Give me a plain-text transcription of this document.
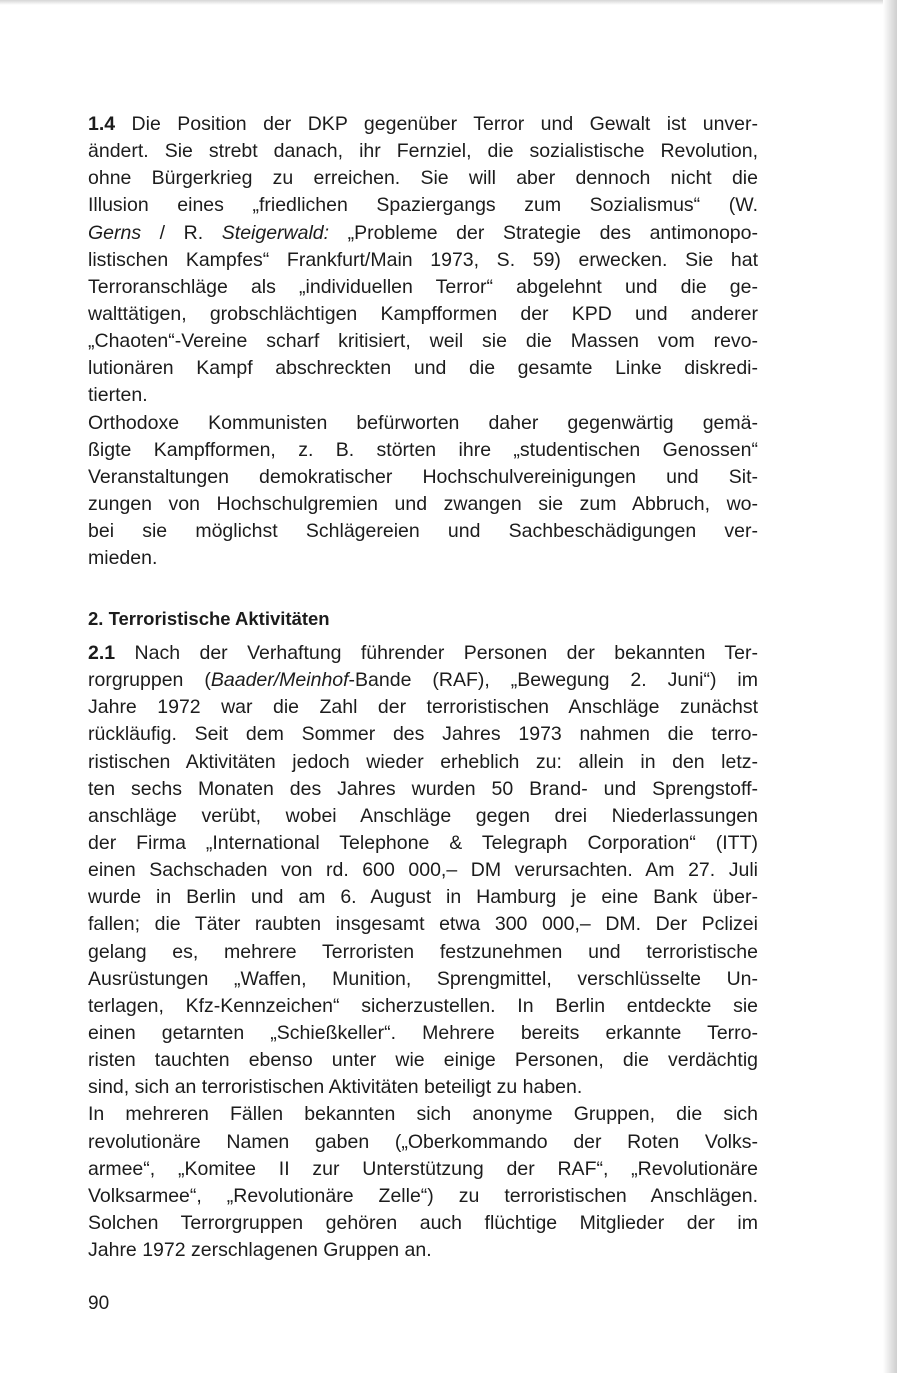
1.4 Die Position der DKP gegenüber Terror und Gewalt ist unver-
ändert. Sie strebt danach, ihr Fernziel, die sozialistische Revolution,
ohne Bürgerkrieg zu erreichen. Sie will aber dennoch nicht die
Illusion eines „friedlichen Spaziergangs zum Sozialismus“ (W.
Gerns / R. Steigerwald: „Probleme der Strategie des antimonopo-
listischen Kampfes“ Frankfurt/Main 1973, S. 59) erwecken. Sie hat
Terroranschläge als „individuellen Terror“ abgelehnt und die ge-
walttätigen, grobschlächtigen Kampfformen der KPD und anderer
„Chaoten“-Vereine scharf kritisiert, weil sie die Massen vom revo-
lutionären Kampf abschreckten und die gesamte Linke diskredi-
tierten.
Orthodoxe Kommunisten befürworten daher gegenwärtig gemä-
ßigte Kampfformen, z. B. störten ihre „studentischen Genossen“
Veranstaltungen demokratischer Hochschulvereinigungen und Sit-
zungen von Hochschulgremien und zwangen sie zum Abbruch, wo-
bei sie möglichst Schlägereien und Sachbeschädigungen ver-
mieden.
2. Terroristische Aktivitäten
2.1 Nach der Verhaftung führender Personen der bekannten Ter-
rorgruppen (Baader/Meinhof-Bande (RAF), „Bewegung 2. Juni“) im
Jahre 1972 war die Zahl der terroristischen Anschläge zunächst
rückläufig. Seit dem Sommer des Jahres 1973 nahmen die terro-
ristischen Aktivitäten jedoch wieder erheblich zu: allein in den letz-
ten sechs Monaten des Jahres wurden 50 Brand- und Sprengstoff-
anschläge verübt, wobei Anschläge gegen drei Niederlassungen
der Firma „International Telephone & Telegraph Corporation“ (ITT)
einen Sachschaden von rd. 600 000,– DM verursachten. Am 27. Juli
wurde in Berlin und am 6. August in Hamburg je eine Bank über-
fallen; die Täter raubten insgesamt etwa 300 000,– DM. Der Pclizei
gelang es, mehrere Terroristen festzunehmen und terroristische
Ausrüstungen „Waffen, Munition, Sprengmittel, verschlüsselte Un-
terlagen, Kfz-Kennzeichen“ sicherzustellen. In Berlin entdeckte sie
einen getarnten „Schießkeller“. Mehrere bereits erkannte Terro-
risten tauchten ebenso unter wie einige Personen, die verdächtig
sind, sich an terroristischen Aktivitäten beteiligt zu haben.
In mehreren Fällen bekannten sich anonyme Gruppen, die sich
revolutionäre Namen gaben („Oberkommando der Roten Volks-
armee“, „Komitee II zur Unterstützung der RAF“, „Revolutionäre
Volksarmee“, „Revolutionäre Zelle“) zu terroristischen Anschlägen.
Solchen Terrorgruppen gehören auch flüchtige Mitglieder der im
Jahre 1972 zerschlagenen Gruppen an.
90
